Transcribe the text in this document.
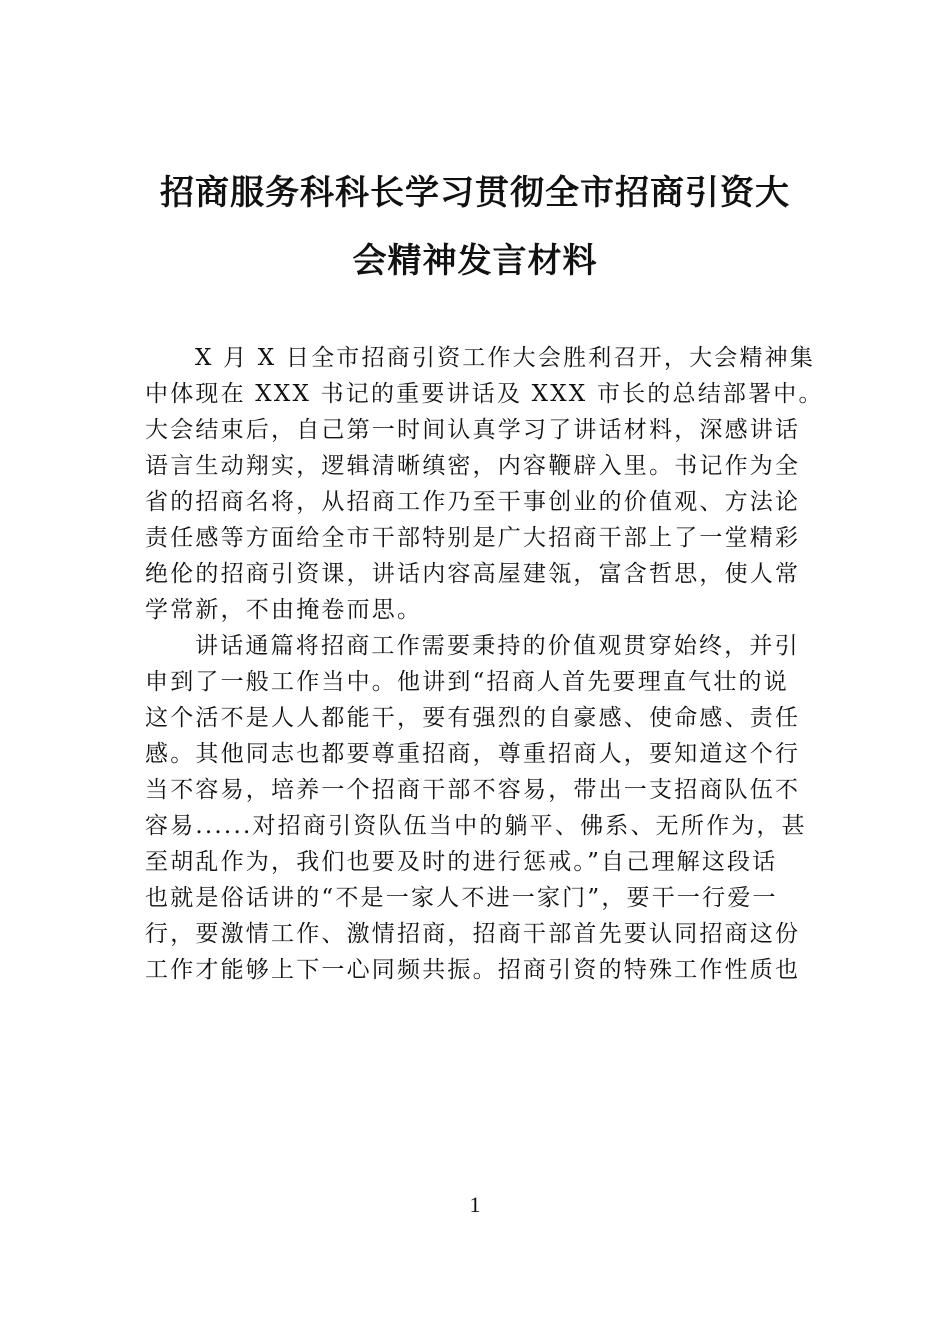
招商服务科科长学习贯彻全市招商引资大
会精神发言材料
X 月 X 日全市招商引资工作大会胜利召开，大会精神集
中体现在 XXX 书记的重要讲话及 XXX 市长的总结部署中。
大会结束后，自己第一时间认真学习了讲话材料，深感讲话
语言生动翔实，逻辑清晰缜密，内容鞭辟入里。书记作为全
省的招商名将，从招商工作乃至干事创业的价值观、方法论
责任感等方面给全市干部特别是广大招商干部上了一堂精彩
绝伦的招商引资课，讲话内容高屋建瓴，富含哲思，使人常
学常新，不由掩卷而思。
讲话通篇将招商工作需要秉持的价值观贯穿始终，并引
申到了一般工作当中。他讲到“招商人首先要理直气壮的说
这个活不是人人都能干，要有强烈的自豪感、使命感、责任
感。其他同志也都要尊重招商，尊重招商人，要知道这个行
当不容易，培养一个招商干部不容易，带出一支招商队伍不
容易......对招商引资队伍当中的躺平、佛系、无所作为，甚
至胡乱作为，我们也要及时的进行惩戒。”自己理解这段话
也就是俗话讲的“不是一家人不进一家门”，要干一行爱一
行，要激情工作、激情招商，招商干部首先要认同招商这份
工作才能够上下一心同频共振。招商引资的特殊工作性质也
1
